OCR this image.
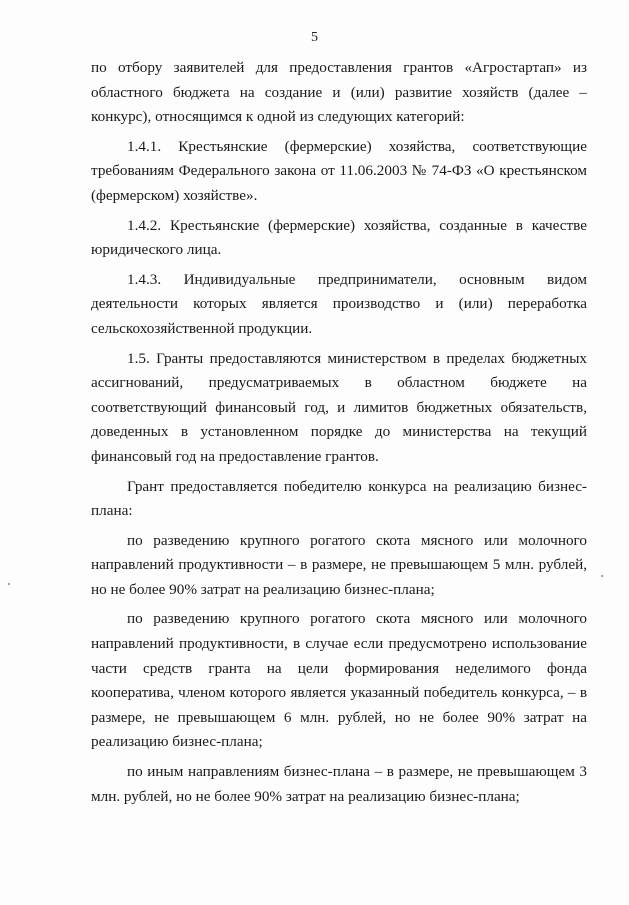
5

по отбору заявителей для предоставления грантов «Агростартап» из областного бюджета на создание и (или) развитие хозяйств (далее – конкурс), относящимся к одной из следующих категорий:

1.4.1. Крестьянские (фермерские) хозяйства, соответствующие требованиям Федерального закона от 11.06.2003 № 74-ФЗ «О крестьянском (фермерском) хозяйстве».

1.4.2. Крестьянские (фермерские) хозяйства, созданные в качестве юридического лица.

1.4.3. Индивидуальные предприниматели, основным видом деятельности которых является производство и (или) переработка сельскохозяйственной продукции.

1.5. Гранты предоставляются министерством в пределах бюджетных ассигнований, предусматриваемых в областном бюджете на соответствующий финансовый год, и лимитов бюджетных обязательств, доведенных в установленном порядке до министерства на текущий финансовый год на предоставление грантов.

Грант предоставляется победителю конкурса на реализацию бизнес-плана:

по разведению крупного рогатого скота мясного или молочного направлений продуктивности – в размере, не превышающем 5 млн. рублей, но не более 90% затрат на реализацию бизнес-плана;

по разведению крупного рогатого скота мясного или молочного направлений продуктивности, в случае если предусмотрено использование части средств гранта на цели формирования неделимого фонда кооператива, членом которого является указанный победитель конкурса, – в размере, не превышающем 6 млн. рублей, но не более 90% затрат на реализацию бизнес-плана;

по иным направлениям бизнес-плана – в размере, не превышающем 3 млн. рублей, но не более 90% затрат на реализацию бизнес-плана;
